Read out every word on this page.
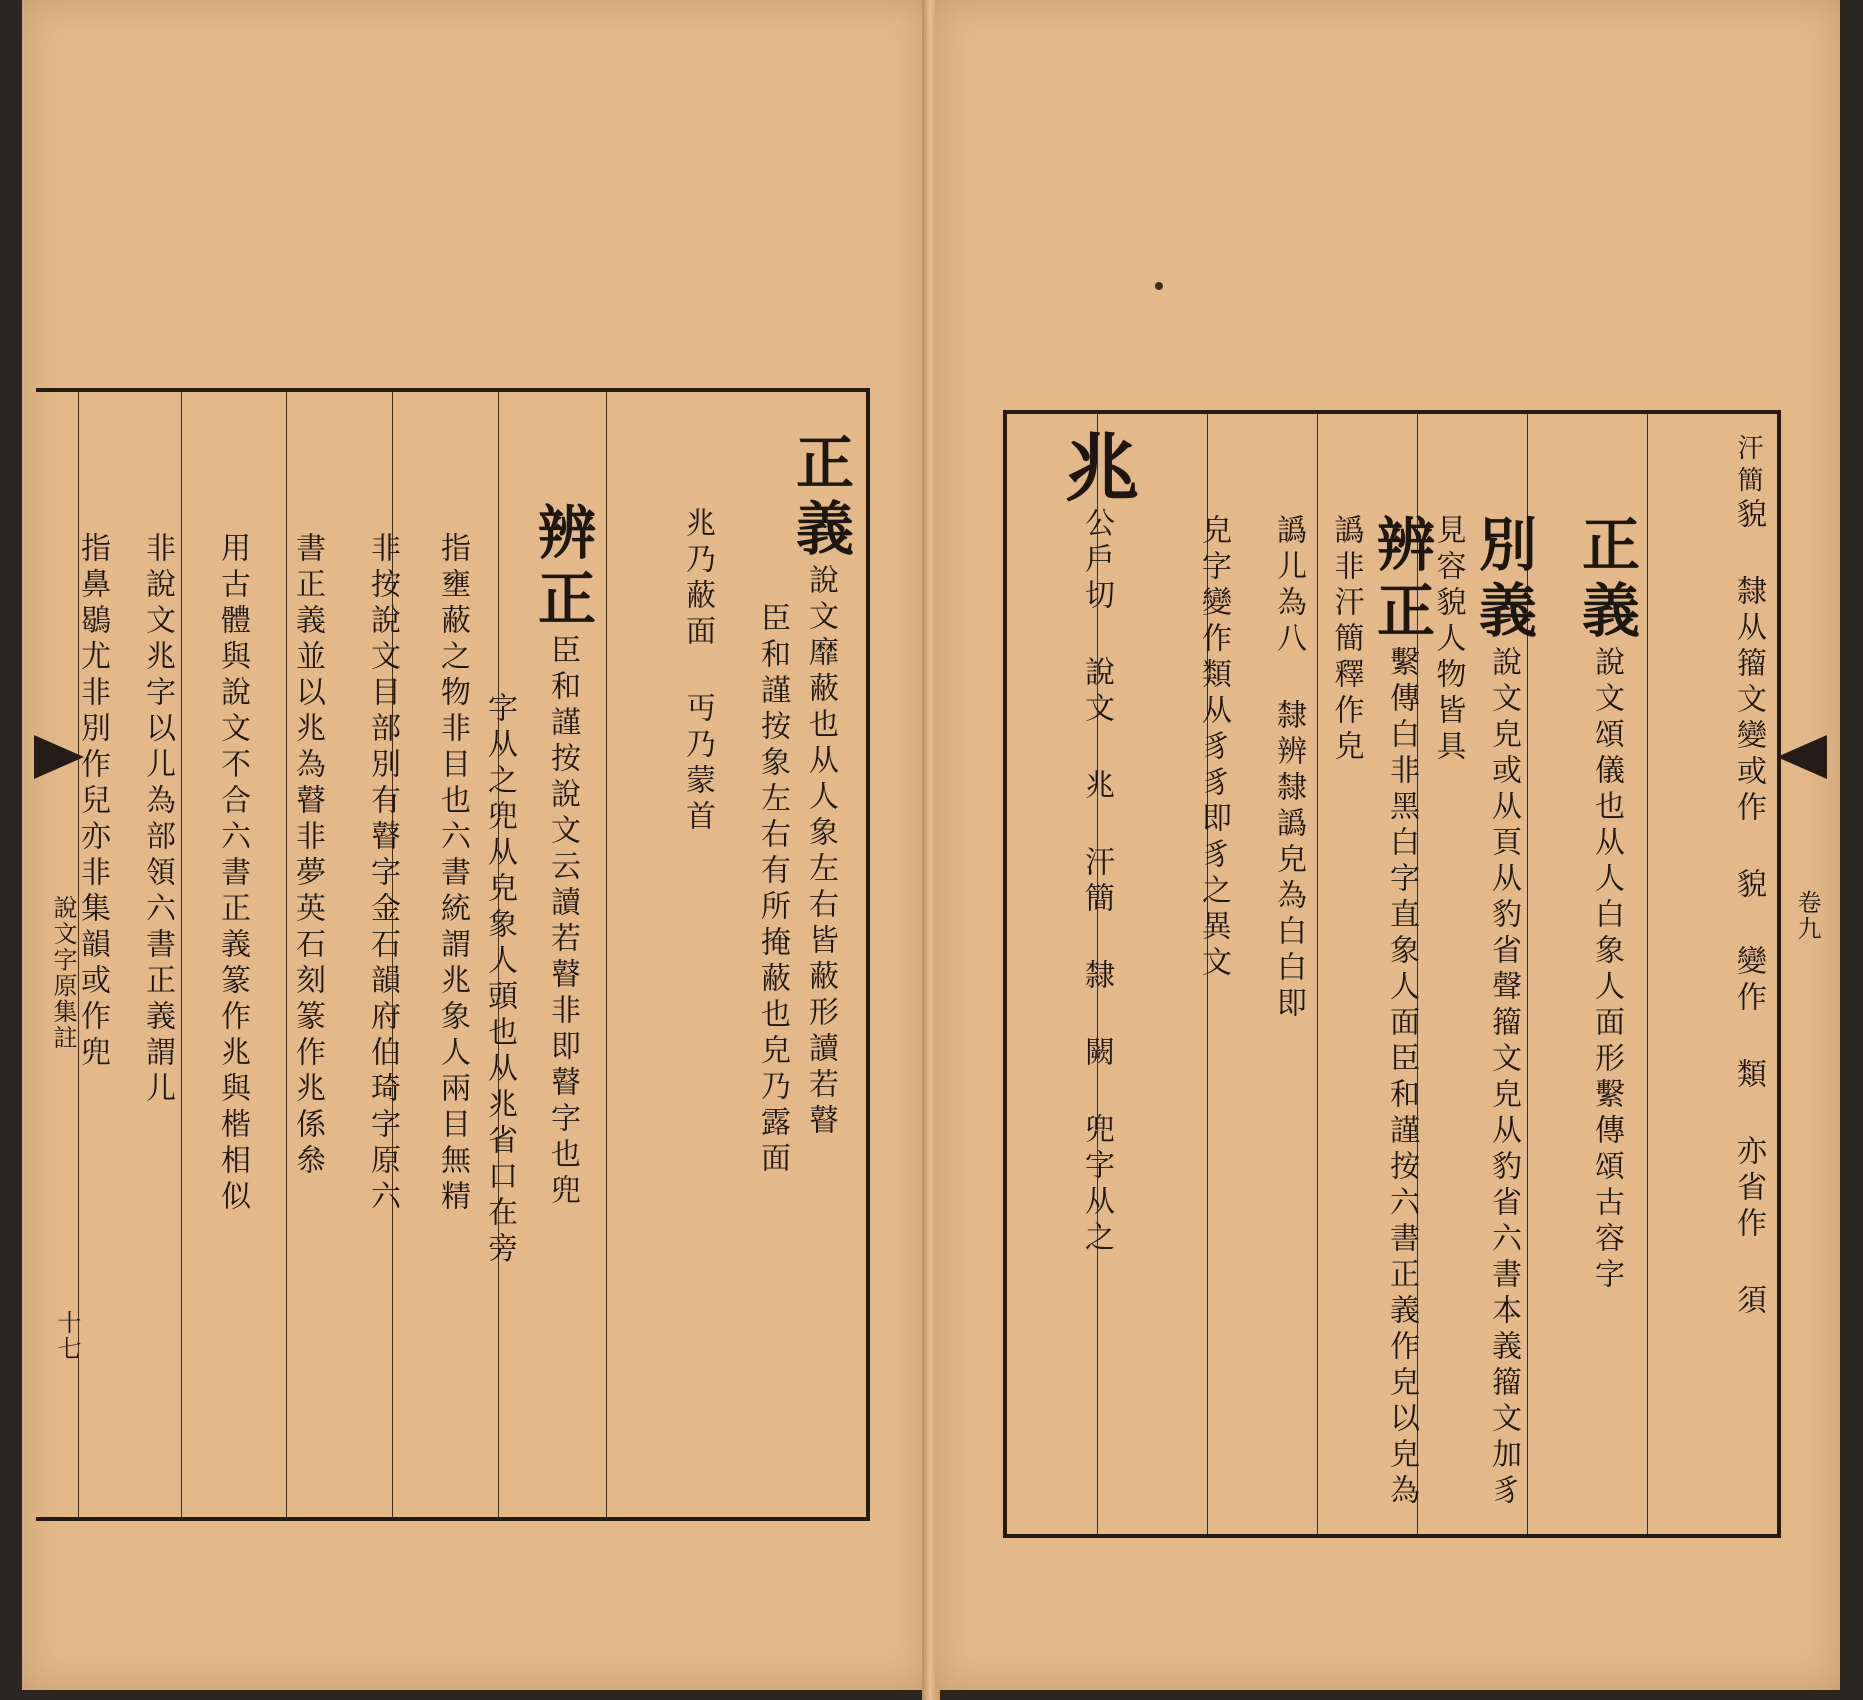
正義說文靡蔽也从人象左右皆蔽形讀若瞽
臣和謹按象左右有所掩蔽也皃乃露面
兆乃蔽面 丏乃蒙首
辨正臣和謹按說文云讀若瞽非即瞽字也兜
字从之兜从皃象人頭也从兆省口在旁
指壅蔽之物非目也六書統謂兆象人兩目無精
非按說文目部別有瞽字金石韻府伯琦字原六
書正義並以兆為瞽非夢英石刻篆作兆係叅
用古體與說文不合六書正義篆作兆與楷相似
非說文兆字以儿為部領六書正義謂儿
指鼻鶡尤非別作兒亦非集韻或作兜
說文字原集註
十七
汗簡貌 隸从籀文變或作 貌 變作 類 亦省作 須
正義說文頌儀也从人白象人面形繫傳頌古容字
別義說文皃或从頁从豹省聲籀文皃从豹省六書本義籀文加豸見容貌人物皆具
辨正繫傳白非黑白字直象人面臣和謹按六書正義作皃以皃為譌非汗簡釋作皃
譌儿為八 隸辨隸譌皃為白白即
皃字變作類从豸豸即豸之異文
兆公戶切 說文 兆 汗簡 隸 闕 兜字从之	卷九
